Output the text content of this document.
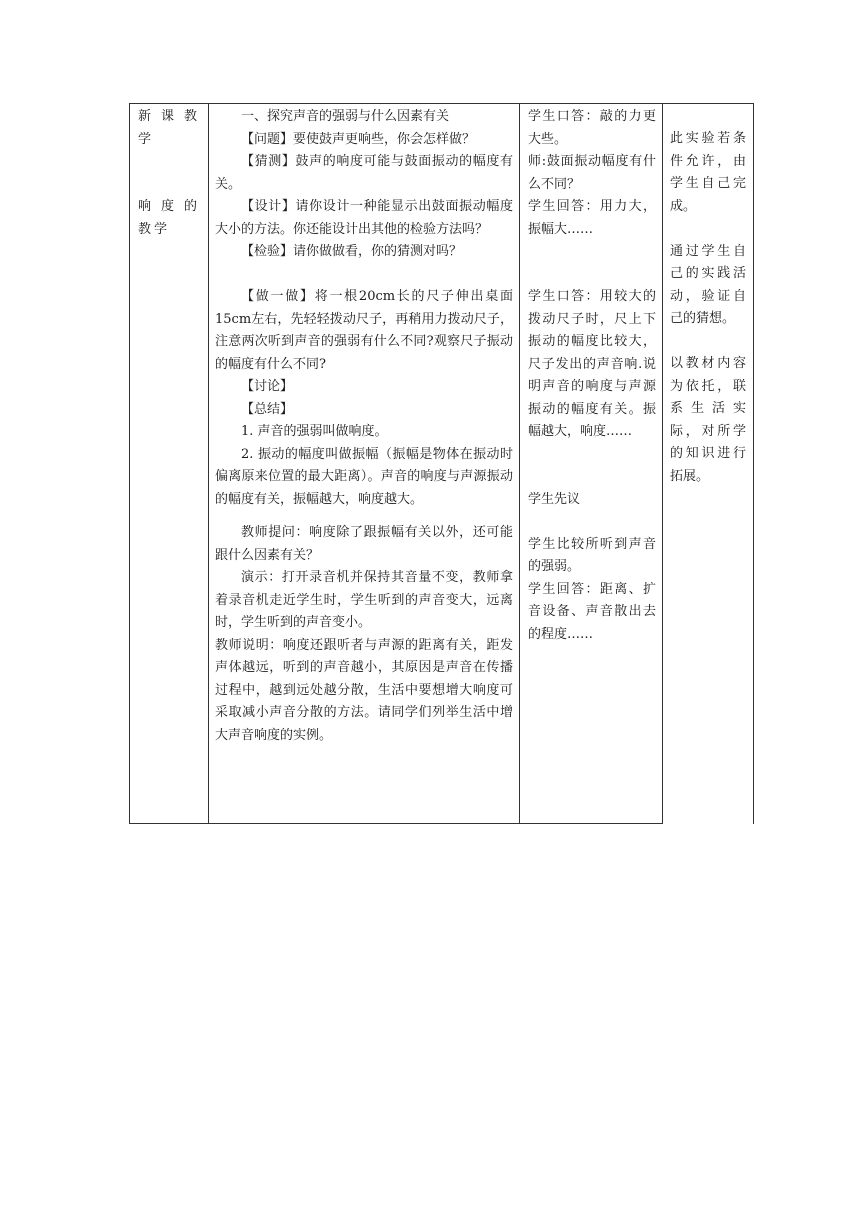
新课教学

响度的教学

一、探究声音的强弱与什么因素有关

【问题】要使鼓声更响些，你会怎样做？

【猜测】鼓声的响度可能与鼓面振动的幅度有关。

【设计】请你设计一种能显示出鼓面振动幅度大小的方法。你还能设计出其他的检验方法吗？

【检验】请你做做看，你的猜测对吗？

【做一做】将一根20cm长的尺子伸出桌面15cm左右，先轻轻拨动尺子，再稍用力拨动尺子，注意两次听到声音的强弱有什么不同?观察尺子振动的幅度有什么不同?

【讨论】

【总结】

1. 声音的强弱叫做响度。

2. 振动的幅度叫做振幅（振幅是物体在振动时偏离原来位置的最大距离）。声音的响度与声源振动的幅度有关，振幅越大，响度越大。

教师提问：响度除了跟振幅有关以外，还可能跟什么因素有关？

演示：打开录音机并保持其音量不变，教师拿着录音机走近学生时，学生听到的声音变大，远离时，学生听到的声音变小。

教师说明：响度还跟听者与声源的距离有关，距发声体越远，听到的声音越小，其原因是声音在传播过程中，越到远处越分散，生活中要想增大响度可采取减小声音分散的方法。请同学们列举生活中增大声音响度的实例。

学生口答：敲的力更大些。

师:鼓面振动幅度有什么不同？

学生回答：用力大，振幅大……

学生口答：用较大的拨动尺子时，尺上下振动的幅度比较大，尺子发出的声音响.说明声音的响度与声源振动的幅度有关。振幅越大，响度……

学生先议

学生比较所听到声音的强弱。

学生回答：距离、扩音设备、声音散出去的程度……

此实验若条件允许，由学生自己完成。

通过学生自己的实践活动，验证自己的猜想。

以教材内容为依托，联系生活实际，对所学的知识进行拓展。
